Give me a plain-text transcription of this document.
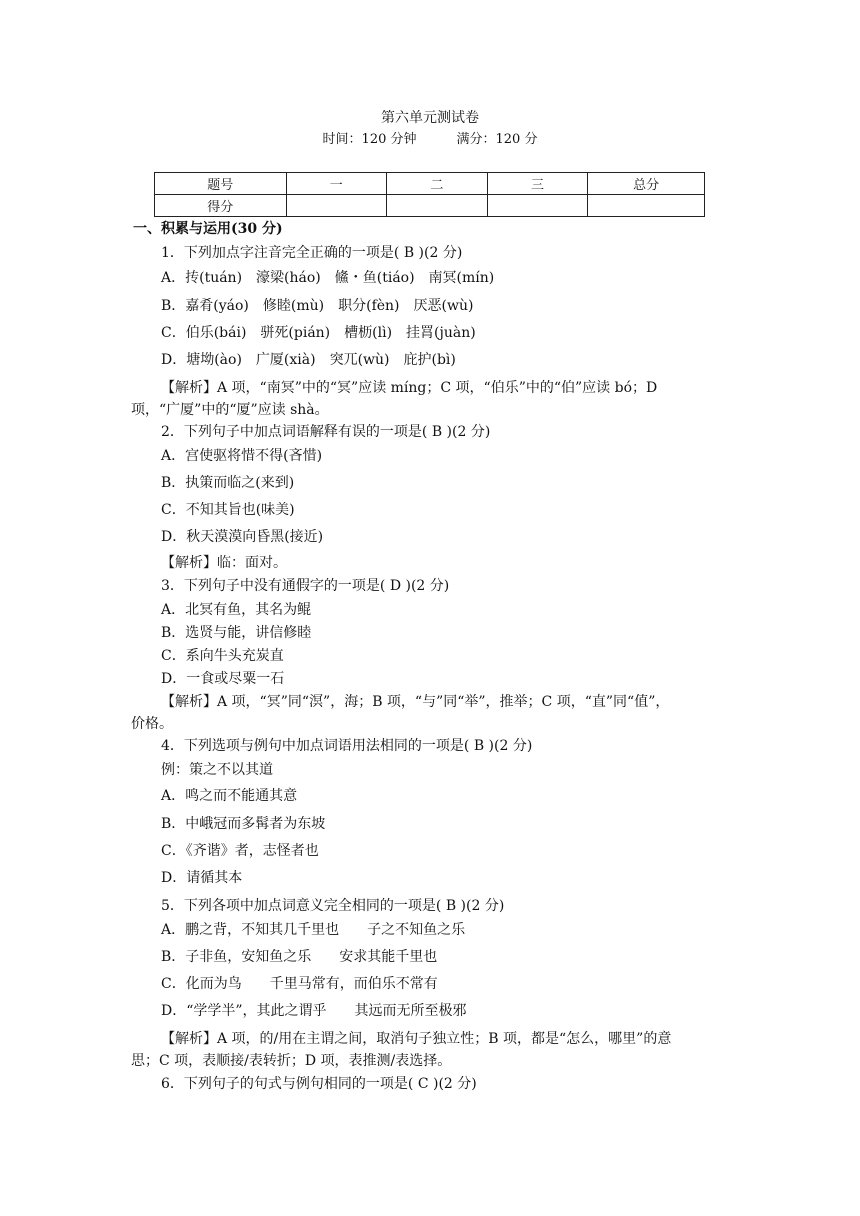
第六单元测试卷
时间：120 分钟	满分：120 分
题号	一	二	三	总分
得分				
一、积累与运用(30 分)
1．下列加点字注音完全正确的一项是( B )(2 分)
A．抟(tuán)　濠梁(háo)　鯈・鱼(tiáo)　南冥(mín)
B．嘉肴(yáo)　修睦(mù)　职分(fèn)　厌恶(wù)
C．伯乐(bái)　骈死(pián)　槽枥(lì)　挂罥(juàn)
D．塘坳(ào)　广厦(xià)　突兀(wù)　庇护(bì)
【解析】A 项，“南冥”中的“冥”应读 míng；C 项，“伯乐”中的“伯”应读 bó；D
项，“广厦”中的“厦”应读 shà。
2．下列句子中加点词语解释有误的一项是( B )(2 分)
A．宫使驱将惜不得(吝惜)
B．执策而临之(来到)
C．不知其旨也(味美)
D．秋天漠漠向昏黑(接近)
【解析】临：面对。
3．下列句子中没有通假字的一项是( D )(2 分)
A．北冥有鱼，其名为鲲
B．选贤与能，讲信修睦
C．系向牛头充炭直
D．一食或尽粟一石
【解析】A 项，“冥”同“溟”，海；B 项，“与”同“举”，推举；C 项，“直”同“值”，
价格。
4．下列选项与例句中加点词语用法相同的一项是( B )(2 分)
例：策之不以其道
A．鸣之而不能通其意
B．中峨冠而多髯者为东坡
C．《齐谐》者，志怪者也
D．请循其本
5．下列各项中加点词意义完全相同的一项是( B )(2 分)
A．鹏之背，不知其几千里也　　子之不知鱼之乐
B．子非鱼，安知鱼之乐　　安求其能千里也
C．化而为鸟　　千里马常有，而伯乐不常有
D．“学学半”，其此之谓乎　　其远而无所至极邪
【解析】A 项，的/用在主谓之间，取消句子独立性；B 项，都是“怎么，哪里”的意
思；C 项，表顺接/表转折；D 项，表推测/表选择。
6．下列句子的句式与例句相同的一项是( C )(2 分)
